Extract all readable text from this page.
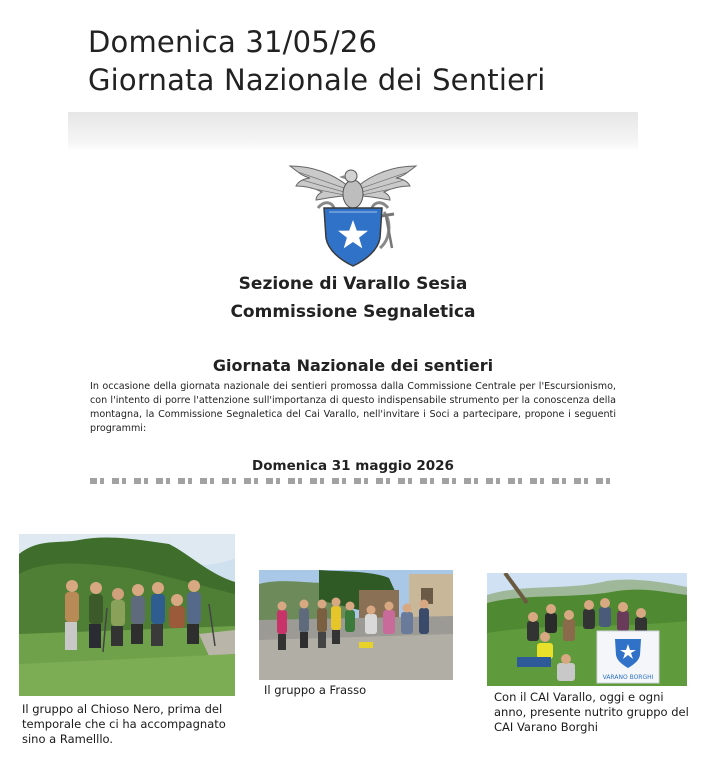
Domenica 31/05/26
Giornata Nazionale dei Sentieri
Sezione di Varallo Sesia
Commissione Segnaletica
Giornata Nazionale dei sentieri
In occasione della giornata nazionale dei sentieri promossa dalla Commissione Centrale per l'Escursionismo, con l'intento di porre l'attenzione sull'importanza di questo indispensabile strumento per la conoscenza della montagna, la Commissione Segnaletica del Cai Varallo, nell'invitare i Soci a partecipare, propone i seguenti programmi:
Domenica 31 maggio 2026
VARANO BORGHI
Il gruppo al Chioso Nero, prima del temporale che ci ha accompagnato sino a Ramelllo.
Il gruppo a Frasso	Con il CAI Varallo, oggi e ogni anno, presente nutrito gruppo del CAI Varano Borghi
